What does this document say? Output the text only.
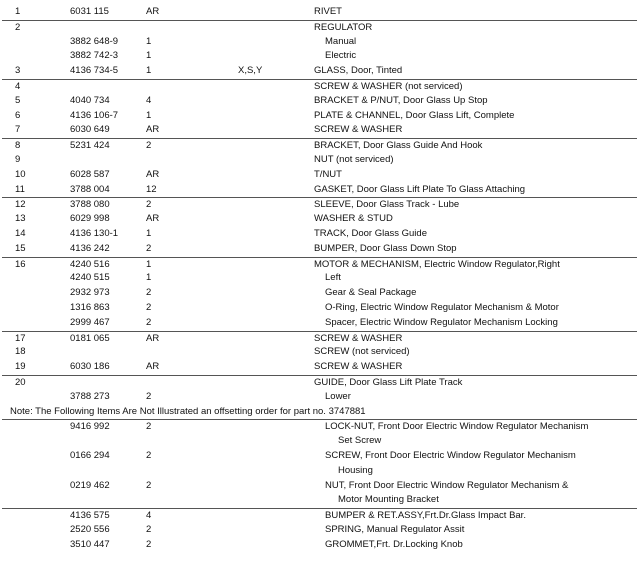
1	6031 115	AR	RIVET
2	REGULATOR
3882 648-9	1	Manual
3882 742-3	1	Electric
3	4136 734-5	1	X,S,Y	GLASS, Door, Tinted
4	SCREW & WASHER (not serviced)
5	4040 734	4	BRACKET & P/NUT, Door Glass Up Stop
6	4136 106-7	1	PLATE & CHANNEL, Door Glass Lift, Complete
7	6030 649	AR	SCREW & WASHER
8	5231 424	2	BRACKET, Door Glass Guide And Hook
9	NUT (not serviced)
10	6028 587	AR	T/NUT
11	3788 004	12	GASKET, Door Glass Lift Plate To Glass Attaching
12	3788 080	2	SLEEVE, Door Glass Track - Lube
13	6029 998	AR	WASHER & STUD
14	4136 130-1	1	TRACK, Door Glass Guide
15	4136 242	2	BUMPER, Door Glass Down Stop
16	4240 516	1	MOTOR & MECHANISM, Electric Window Regulator,Right
4240 515	1	Left
2932 973	2	Gear & Seal Package
1316 863	2	O-Ring, Electric Window Regulator Mechanism & Motor
2999 467	2	Spacer, Electric Window Regulator Mechanism Locking
17	0181 065	AR	SCREW & WASHER
18	SCREW (not serviced)
19	6030 186	AR	SCREW & WASHER
20	GUIDE, Door Glass Lift Plate Track
3788 273	2	Lower
Note: The Following Items Are Not Illustrated an offsetting order for part no. 3747881
9416 992	2	LOCK-NUT, Front Door Electric Window Regulator Mechanism
Set Screw
0166 294	2	SCREW, Front Door Electric Window Regulator Mechanism
Housing
0219 462	2	NUT, Front Door Electric Window Regulator Mechanism &
Motor Mounting Bracket
4136 575	4	BUMPER & RET.ASSY,Frt.Dr.Glass Impact Bar.
2520 556	2	SPRING, Manual Regulator Assit
3510 447	2	GROMMET,Frt. Dr.Locking Knob
